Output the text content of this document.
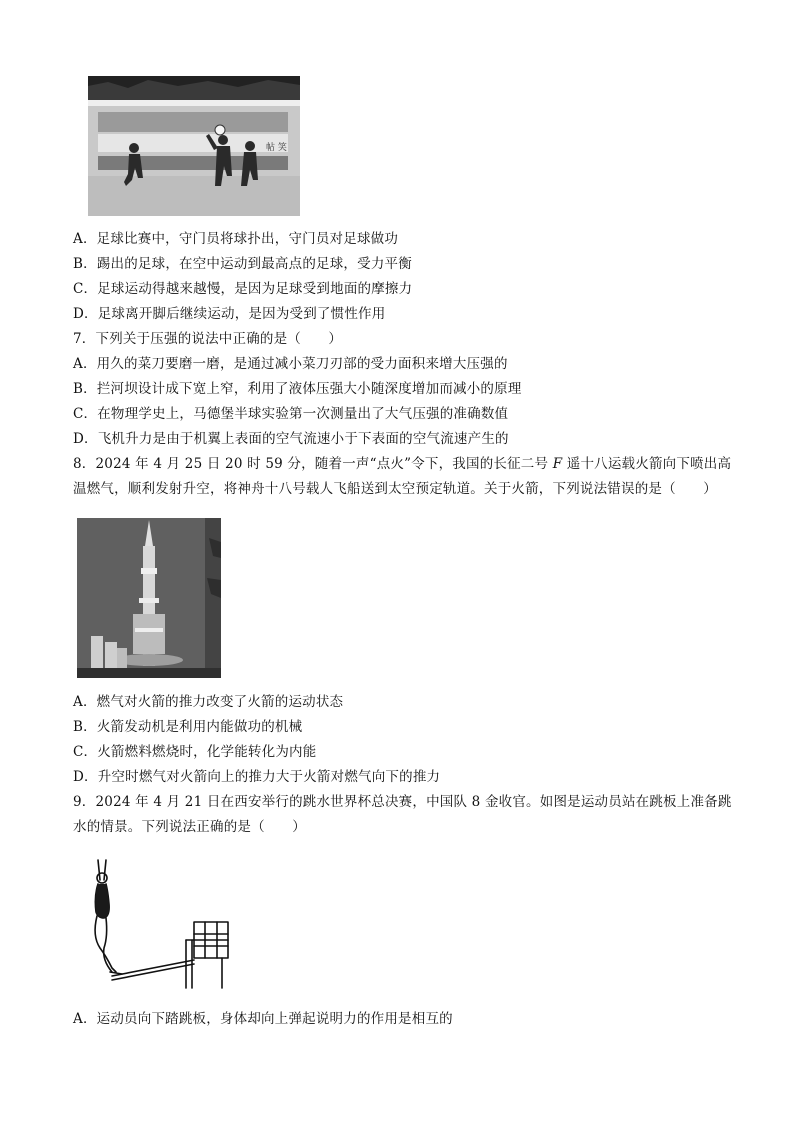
帖 笑
A．足球比赛中，守门员将球扑出，守门员对足球做功
B．踢出的足球，在空中运动到最高点的足球，受力平衡
C．足球运动得越来越慢，是因为足球受到地面的摩擦力
D．足球离开脚后继续运动，是因为受到了惯性作用
7．下列关于压强的说法中正确的是（　　）
A．用久的菜刀要磨一磨，是通过减小菜刀刃部的受力面积来增大压强的
B．拦河坝设计成下宽上窄，利用了液体压强大小随深度增加而减小的原理
C．在物理学史上，马德堡半球实验第一次测量出了大气压强的准确数值
D．飞机升力是由于机翼上表面的空气流速小于下表面的空气流速产生的
8．2024 年 4 月 25 日 20 时 59 分，随着一声“点火”令下，我国的长征二号 F 遥十八运载火箭向下喷出高
温燃气，顺利发射升空，将神舟十八号载人飞船送到太空预定轨道。关于火箭，下列说法错误的是（　　）
A．燃气对火箭的推力改变了火箭的运动状态
B．火箭发动机是利用内能做功的机械
C．火箭燃料燃烧时，化学能转化为内能
D．升空时燃气对火箭向上的推力大于火箭对燃气向下的推力
9．2024 年 4 月 21 日在西安举行的跳水世界杯总决赛，中国队 8 金收官。如图是运动员站在跳板上准备跳
水的情景。下列说法正确的是（　　）
A．运动员向下踏跳板，身体却向上弹起说明力的作用是相互的
